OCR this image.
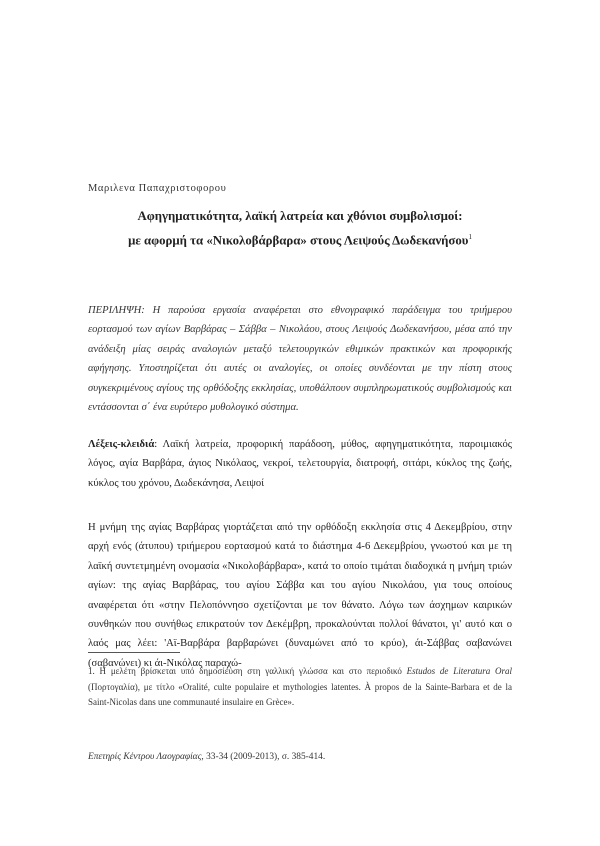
Μαριλενα Παπαχριστοφορου
Αφηγηματικότητα, λαϊκή λατρεία και χθόνιοι συμβολισμοί:
με αφορμή τα «Νικολοβάρβαρα» στους Λειψούς Δωδεκανήσου$^1$
ΠΕΡΙΛΗΨΗ: Η παρούσα εργασία αναφέρεται στο εθνογραφικό παράδειγμα του τριήμερου εορτασμού των αγίων Βαρβάρας – Σάββα – Νικολάου, στους Λειψούς Δωδεκανήσου, μέσα από την ανάδειξη μίας σειράς αναλογιών μεταξύ τελετουργικών εθιμικών πρακτικών και προφορικής αφήγησης. Υποστηρίζεται ότι αυτές οι αναλογίες, οι οποίες συνδέονται με την πίστη στους συγκεκριμένους αγίους της ορθόδοξης εκκλησίας, υποθάλπουν συμπληρωματικούς συμβολισμούς και εντάσσονται σ΄ ένα ευρύτερο μυθολογικό σύστημα.
Λέξεις-κλειδιά: Λαϊκή λατρεία, προφορική παράδοση, μύθος, αφηγηματικότητα, παροιμιακός λόγος, αγία Βαρβάρα, άγιος Νικόλαος, νεκροί, τελετουργία, διατροφή, σιτάρι, κύκλος της ζωής, κύκλος του χρόνου, Δωδεκάνησα, Λειψοί
Η μνήμη της αγίας Βαρβάρας γιορτάζεται από την ορθόδοξη εκκλησία στις 4 Δεκεμβρίου, στην αρχή ενός (άτυπου) τριήμερου εορτασμού κατά το διάστημα 4-6 Δεκεμβρίου, γνωστού και με τη λαϊκή συντετμημένη ονομασία «Νικολοβάρβαρα», κατά το οποίο τιμάται διαδοχικά η μνήμη τριών αγίων: της αγίας Βαρβάρας, του αγίου Σάββα και του αγίου Νικολάου, για τους οποίους αναφέρεται ότι «στην Πελοπόννησο σχετίζονται με τον θάνατο. Λόγω των άσχημων καιρικών συνθηκών που συνήθως επικρατούν τον Δεκέμβρη, προκαλούνται πολλοί θάνατοι, γι' αυτό και ο λαός μας λέει: 'Αϊ-Βαρβάρα βαρβαρώνει (δυναμώνει από το κρύο), άι-Σάββας σαβανώνει (σαβανώνει) κι άι-Νικόλας παραχώ-
1. Η μελέτη βρίσκεται υπό δημοσίευση στη γαλλική γλώσσα και στο περιοδικό Estudos de Literatura Oral (Πορτογαλία), με τίτλο «Oralité, culte populaire et mythologies latentes. À propos de la Sainte-Barbara et de la Saint-Nicolas dans une communauté insulaire en Grèce».
Επετηρίς Κέντρου Λαογραφίας, 33-34 (2009-2013), σ. 385-414.
